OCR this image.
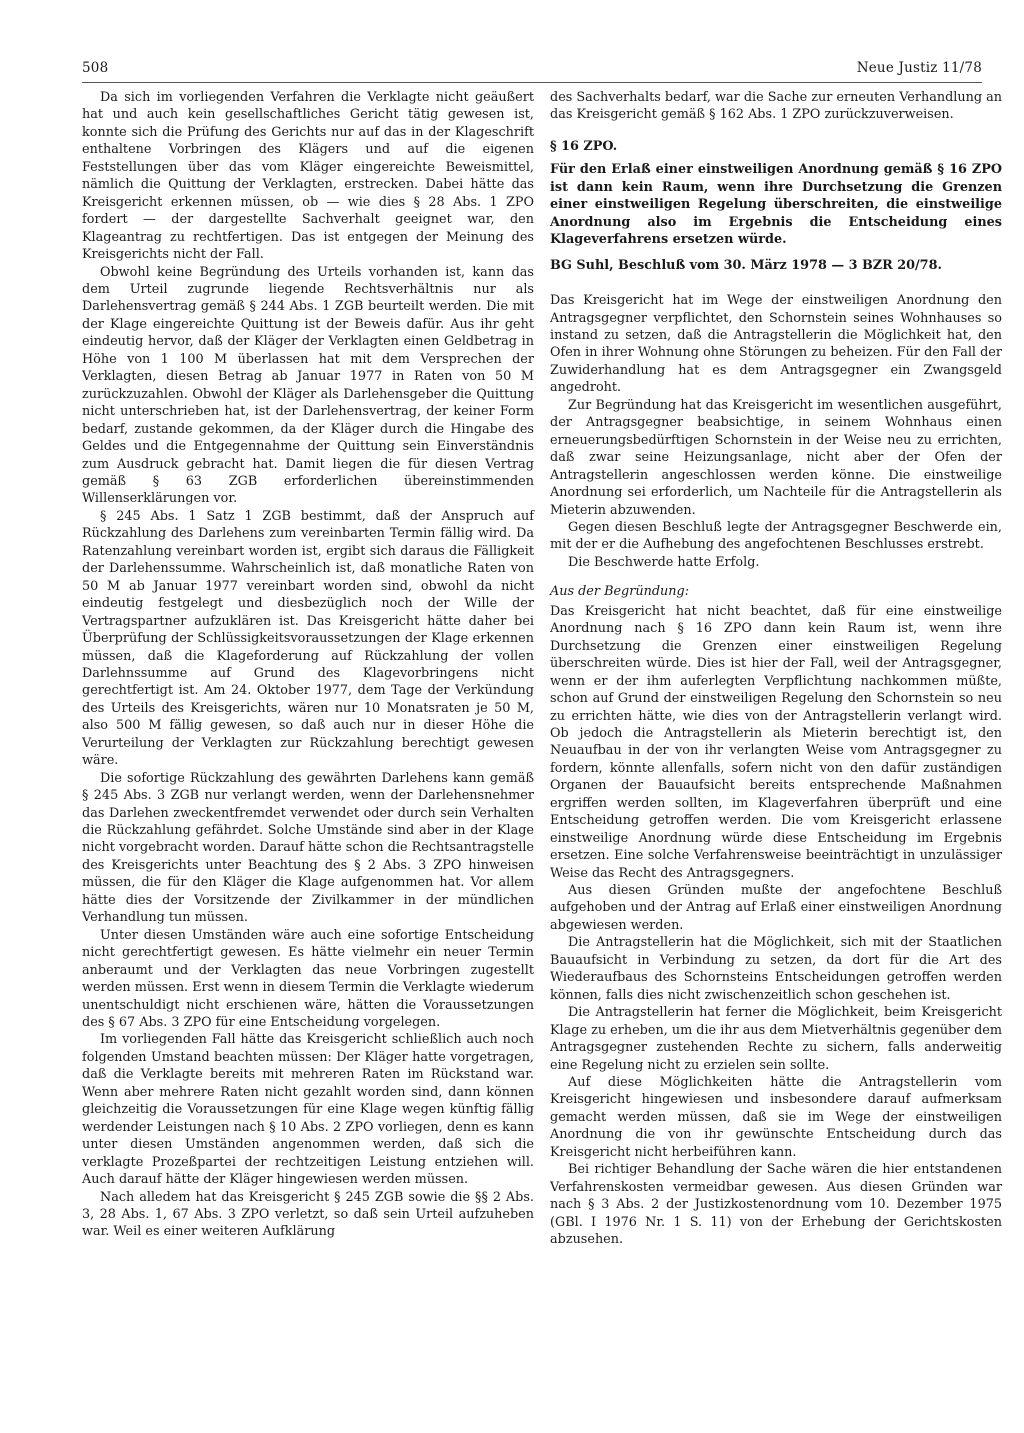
508	Neue Justiz 11/78

Da sich im vorliegenden Verfahren die Verklagte nicht geäußert hat und auch kein gesellschaftliches Gericht tätig gewesen ist, konnte sich die Prüfung des Gerichts nur auf das in der Klageschrift enthaltene Vorbringen des Klägers und auf die eigenen Feststellungen über das vom Kläger eingereichte Beweismittel, nämlich die Quittung der Verklagten, erstrecken. Dabei hätte das Kreisgericht erkennen müssen, ob — wie dies § 28 Abs. 1 ZPO fordert — der dargestellte Sachverhalt geeignet war, den Klageantrag zu rechtfertigen. Das ist entgegen der Meinung des Kreisgerichts nicht der Fall.

Obwohl keine Begründung des Urteils vorhanden ist, kann das dem Urteil zugrunde liegende Rechtsverhältnis nur als Darlehensvertrag gemäß § 244 Abs. 1 ZGB beurteilt werden. Die mit der Klage eingereichte Quittung ist der Beweis dafür. Aus ihr geht eindeutig hervor, daß der Kläger der Verklagten einen Geldbetrag in Höhe von 1 100 M überlassen hat mit dem Versprechen der Verklagten, diesen Betrag ab Januar 1977 in Raten von 50 M zurückzuzahlen. Obwohl der Kläger als Darlehensgeber die Quittung nicht unterschrieben hat, ist der Darlehensvertrag, der keiner Form bedarf, zustande gekommen, da der Kläger durch die Hingabe des Geldes und die Entgegennahme der Quittung sein Einverständnis zum Ausdruck gebracht hat. Damit liegen die für diesen Vertrag gemäß § 63 ZGB erforderlichen übereinstimmenden Willenserklärungen vor.

§ 245 Abs. 1 Satz 1 ZGB bestimmt, daß der Anspruch auf Rückzahlung des Darlehens zum vereinbarten Termin fällig wird. Da Ratenzahlung vereinbart worden ist, ergibt sich daraus die Fälligkeit der Darlehenssumme. Wahrscheinlich ist, daß monatliche Raten von 50 M ab Januar 1977 vereinbart worden sind, obwohl da nicht eindeutig festgelegt und diesbezüglich noch der Wille der Vertragspartner aufzuklären ist. Das Kreisgericht hätte daher bei Überprüfung der Schlüssigkeitsvoraussetzungen der Klage erkennen müssen, daß die Klageforderung auf Rückzahlung der vollen Darlehnssumme auf Grund des Klagevorbringens nicht gerechtfertigt ist. Am 24. Oktober 1977, dem Tage der Verkündung des Urteils des Kreisgerichts, wären nur 10 Monatsraten je 50 M, also 500 M fällig gewesen, so daß auch nur in dieser Höhe die Verurteilung der Verklagten zur Rückzahlung berechtigt gewesen wäre.

Die sofortige Rückzahlung des gewährten Darlehens kann gemäß § 245 Abs. 3 ZGB nur verlangt werden, wenn der Darlehensnehmer das Darlehen zweckentfremdet verwendet oder durch sein Verhalten die Rückzahlung gefährdet. Solche Umstände sind aber in der Klage nicht vorgebracht worden. Darauf hätte schon die Rechtsantragstelle des Kreisgerichts unter Beachtung des § 2 Abs. 3 ZPO hinweisen müssen, die für den Kläger die Klage aufgenommen hat. Vor allem hätte dies der Vorsitzende der Zivilkammer in der mündlichen Verhandlung tun müssen.

Unter diesen Umständen wäre auch eine sofortige Entscheidung nicht gerechtfertigt gewesen. Es hätte vielmehr ein neuer Termin anberaumt und der Verklagten das neue Vorbringen zugestellt werden müssen. Erst wenn in diesem Termin die Verklagte wiederum unentschuldigt nicht erschienen wäre, hätten die Voraussetzungen des § 67 Abs. 3 ZPO für eine Entscheidung vorgelegen.

Im vorliegenden Fall hätte das Kreisgericht schließlich auch noch folgenden Umstand beachten müssen: Der Kläger hatte vorgetragen, daß die Verklagte bereits mit mehreren Raten im Rückstand war. Wenn aber mehrere Raten nicht gezahlt worden sind, dann können gleichzeitig die Voraussetzungen für eine Klage wegen künftig fällig werdender Leistungen nach § 10 Abs. 2 ZPO vorliegen, denn es kann unter diesen Umständen angenommen werden, daß sich die verklagte Prozeßpartei der rechtzeitigen Leistung entziehen will. Auch darauf hätte der Kläger hingewiesen werden müssen.

Nach alledem hat das Kreisgericht § 245 ZGB sowie die §§ 2 Abs. 3, 28 Abs. 1, 67 Abs. 3 ZPO verletzt, so daß sein Urteil aufzuheben war. Weil es einer weiteren Aufklärung

des Sachverhalts bedarf, war die Sache zur erneuten Verhandlung an das Kreisgericht gemäß § 162 Abs. 1 ZPO zurückzuverweisen.

§ 16 ZPO.

Für den Erlaß einer einstweiligen Anordnung gemäß § 16 ZPO ist dann kein Raum, wenn ihre Durchsetzung die Grenzen einer einstweiligen Regelung überschreiten, die einstweilige Anordnung also im Ergebnis die Entscheidung eines Klageverfahrens ersetzen würde.

BG Suhl, Beschluß vom 30. März 1978 — 3 BZR 20/78.

Das Kreisgericht hat im Wege der einstweiligen Anordnung den Antragsgegner verpflichtet, den Schornstein seines Wohnhauses so instand zu setzen, daß die Antragstellerin die Möglichkeit hat, den Ofen in ihrer Wohnung ohne Störungen zu beheizen. Für den Fall der Zuwiderhandlung hat es dem Antragsgegner ein Zwangsgeld angedroht.

Zur Begründung hat das Kreisgericht im wesentlichen ausgeführt, der Antragsgegner beabsichtige, in seinem Wohnhaus einen erneuerungsbedürftigen Schornstein in der Weise neu zu errichten, daß zwar seine Heizungsanlage, nicht aber der Ofen der Antragstellerin angeschlossen werden könne. Die einstweilige Anordnung sei erforderlich, um Nachteile für die Antragstellerin als Mieterin abzuwenden.

Gegen diesen Beschluß legte der Antragsgegner Beschwerde ein, mit der er die Aufhebung des angefochtenen Beschlusses erstrebt.

Die Beschwerde hatte Erfolg.

Aus der Begründung:

Das Kreisgericht hat nicht beachtet, daß für eine einstweilige Anordnung nach § 16 ZPO dann kein Raum ist, wenn ihre Durchsetzung die Grenzen einer einstweiligen Regelung überschreiten würde. Dies ist hier der Fall, weil der Antragsgegner, wenn er der ihm auferlegten Verpflichtung nachkommen müßte, schon auf Grund der einstweiligen Regelung den Schornstein so neu zu errichten hätte, wie dies von der Antragstellerin verlangt wird. Ob jedoch die Antragstellerin als Mieterin berechtigt ist, den Neuaufbau in der von ihr verlangten Weise vom Antragsgegner zu fordern, könnte allenfalls, sofern nicht von den dafür zuständigen Organen der Bauaufsicht bereits entsprechende Maßnahmen ergriffen werden sollten, im Klageverfahren überprüft und eine Entscheidung getroffen werden. Die vom Kreisgericht erlassene einstweilige Anordnung würde diese Entscheidung im Ergebnis ersetzen. Eine solche Verfahrensweise beeinträchtigt in unzulässiger Weise das Recht des Antragsgegners.

Aus diesen Gründen mußte der angefochtene Beschluß aufgehoben und der Antrag auf Erlaß einer einstweiligen Anordnung abgewiesen werden.

Die Antragstellerin hat die Möglichkeit, sich mit der Staatlichen Bauaufsicht in Verbindung zu setzen, da dort für die Art des Wiederaufbaus des Schornsteins Entscheidungen getroffen werden können, falls dies nicht zwischenzeitlich schon geschehen ist.

Die Antragstellerin hat ferner die Möglichkeit, beim Kreisgericht Klage zu erheben, um die ihr aus dem Mietverhältnis gegenüber dem Antragsgegner zustehenden Rechte zu sichern, falls anderweitig eine Regelung nicht zu erzielen sein sollte.

Auf diese Möglichkeiten hätte die Antragstellerin vom Kreisgericht hingewiesen und insbesondere darauf aufmerksam gemacht werden müssen, daß sie im Wege der einstweiligen Anordnung die von ihr gewünschte Entscheidung durch das Kreisgericht nicht herbeiführen kann.

Bei richtiger Behandlung der Sache wären die hier entstandenen Verfahrenskosten vermeidbar gewesen. Aus diesen Gründen war nach § 3 Abs. 2 der Justizkostenordnung vom 10. Dezember 1975 (GBl. I 1976 Nr. 1 S. 11) von der Erhebung der Gerichtskosten abzusehen.
